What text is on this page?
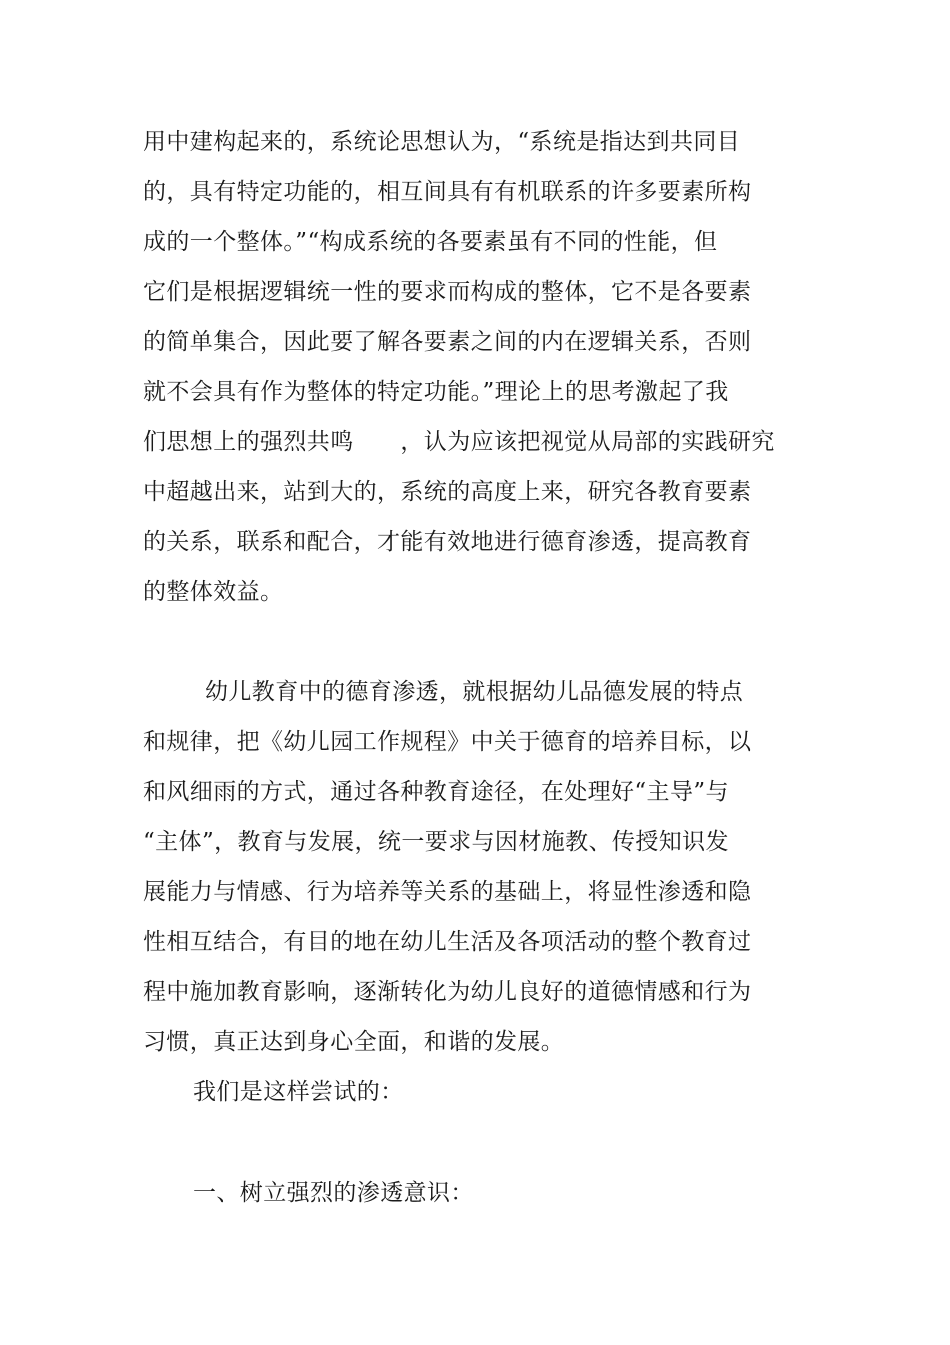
用中建构起来的，系统论思想认为，“系统是指达到共同目
的，具有特定功能的，相互间具有有机联系的许多要素所构
成的一个整体。”“构成系统的各要素虽有不同的性能，但
它们是根据逻辑统一性的要求而构成的整体，它不是各要素
的简单集合，因此要了解各要素之间的内在逻辑关系，否则
就不会具有作为整体的特定功能。”理论上的思考激起了我
们思想上的强烈共鸣　　，认为应该把视觉从局部的实践研究
中超越出来，站到大的，系统的高度上来，研究各教育要素
的关系，联系和配合，才能有效地进行德育渗透，提高教育
的整体效益。
幼儿教育中的德育渗透，就根据幼儿品德发展的特点
和规律，把《幼儿园工作规程》中关于德育的培养目标，以
和风细雨的方式，通过各种教育途径，在处理好“主导”与
“主体”，教育与发展，统一要求与因材施教、传授知识发
展能力与情感、行为培养等关系的基础上，将显性渗透和隐
性相互结合，有目的地在幼儿生活及各项活动的整个教育过
程中施加教育影响，逐渐转化为幼儿良好的道德情感和行为
习惯，真正达到身心全面，和谐的发展。
我们是这样尝试的：
一、树立强烈的渗透意识：
